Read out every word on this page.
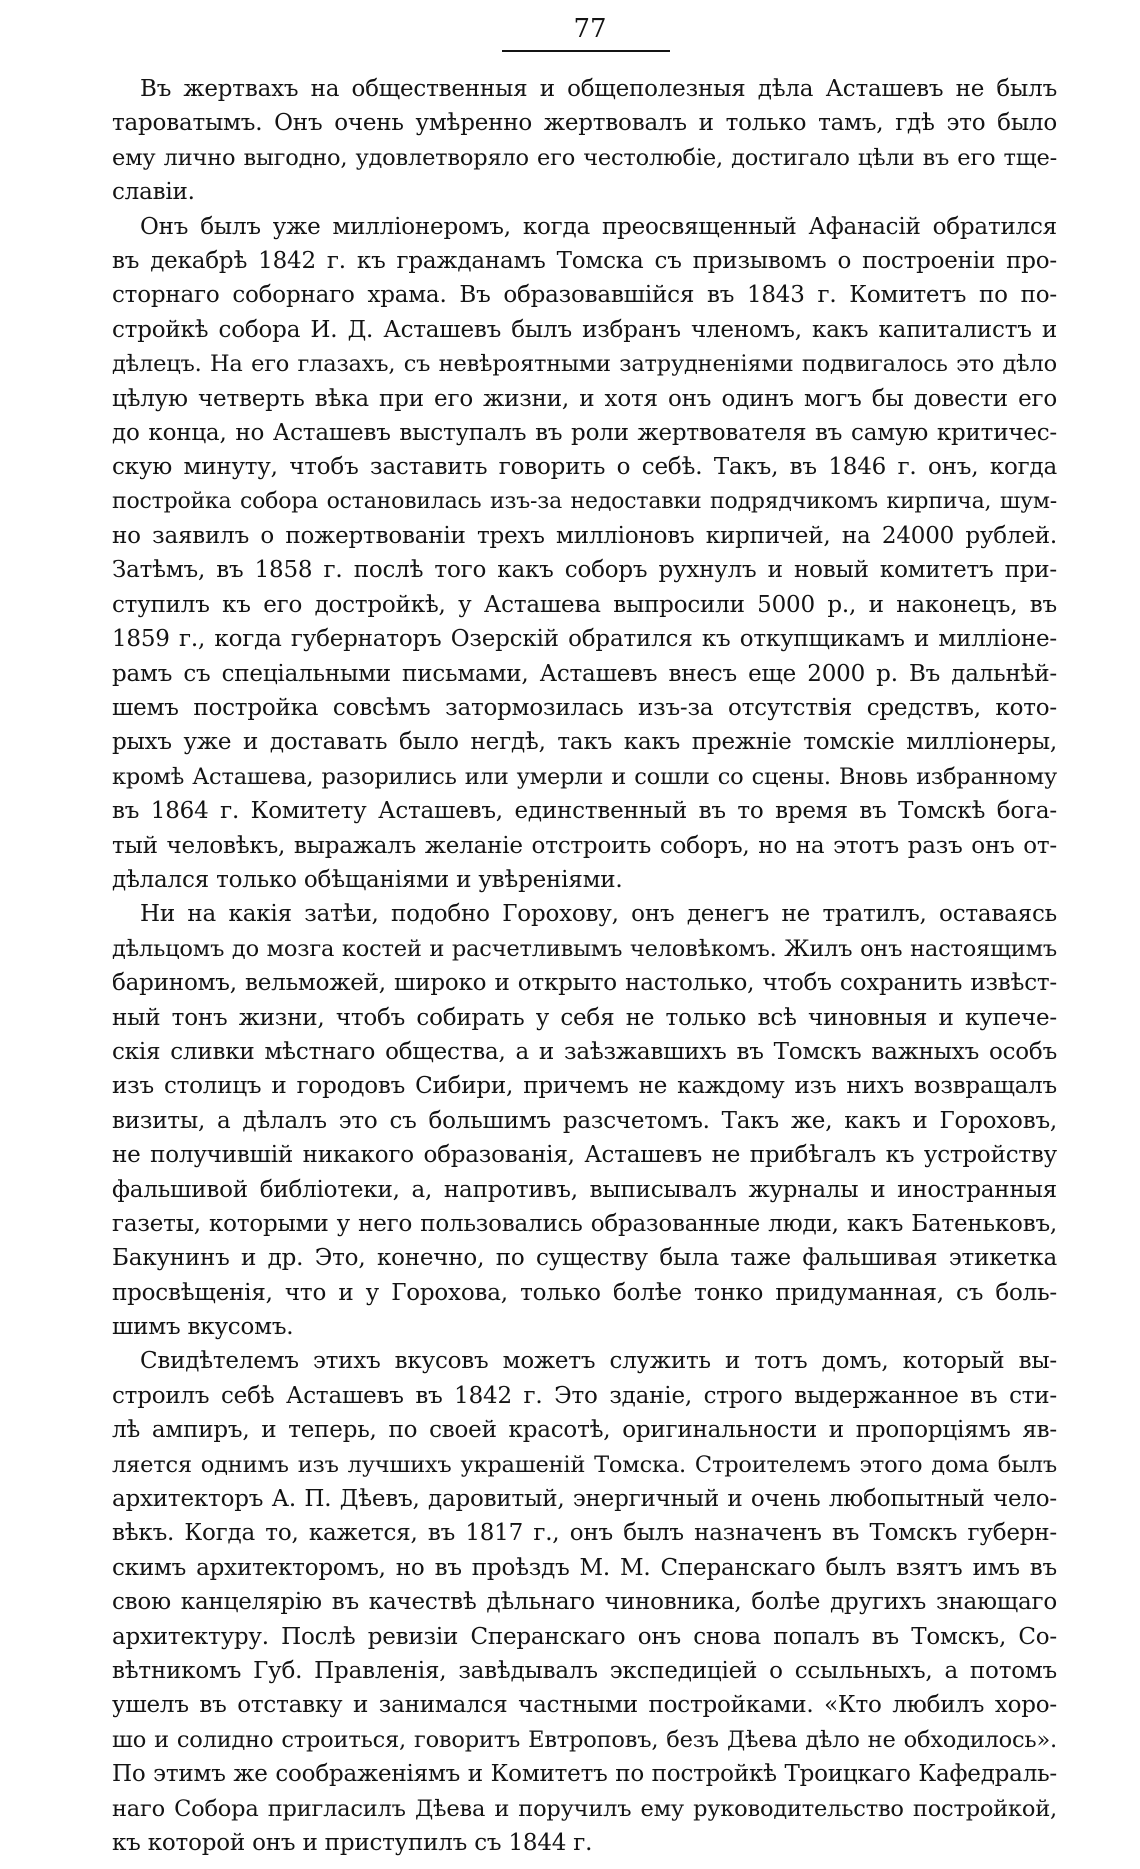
77
Въ жертвахъ на общественныя и общеполезныя дѣла Асташевъ не былъ
тароватымъ. Онъ очень умѣренно жертвовалъ и только тамъ, гдѣ это было
ему лично выгодно, удовлетворяло его честолюбіе, достигало цѣли въ его тще-
славіи.
Онъ былъ уже милліонеромъ, когда преосвященный Афанасій обратился
въ декабрѣ 1842 г. къ гражданамъ Томска съ призывомъ о построеніи про-
сторнаго соборнаго храма. Въ образовавшійся въ 1843 г. Комитетъ по по-
стройкѣ собора И. Д. Асташевъ былъ избранъ членомъ, какъ капиталистъ и
дѣлецъ. На его глазахъ, съ невѣроятными затрудненіями подвигалось это дѣло
цѣлую четверть вѣка при его жизни, и хотя онъ одинъ могъ бы довести его
до конца, но Асташевъ выступалъ въ роли жертвователя въ самую критичес-
скую минуту, чтобъ заставить говорить о себѣ. Такъ, въ 1846 г. онъ, когда
постройка собора остановилась изъ-за недоставки подрядчикомъ кирпича, шум-
но заявилъ о пожертвованіи трехъ милліоновъ кирпичей, на 24000 рублей.
Затѣмъ, въ 1858 г. послѣ того какъ соборъ рухнулъ и новый комитетъ при-
ступилъ къ его достройкѣ, у Асташева выпросили 5000 р., и наконецъ, въ
1859 г., когда губернаторъ Озерскій обратился къ откупщикамъ и милліоне-
рамъ съ спеціальными письмами, Асташевъ внесъ еще 2000 р. Въ дальнѣй-
шемъ постройка совсѣмъ затормозилась изъ-за отсутствія средствъ, кото-
рыхъ уже и доставать было негдѣ, такъ какъ прежніе томскіе милліонеры,
кромѣ Асташева, разорились или умерли и сошли со сцены. Вновь избранному
въ 1864 г. Комитету Асташевъ, единственный въ то время въ Томскѣ бога-
тый человѣкъ, выражалъ желаніе отстроить соборъ, но на этотъ разъ онъ от-
дѣлался только обѣщаніями и увѣреніями.
Ни на какія затѣи, подобно Горохову, онъ денегъ не тратилъ, оставаясь
дѣльцомъ до мозга костей и расчетливымъ человѣкомъ. Жилъ онъ настоящимъ
бариномъ, вельможей, широко и открыто настолько, чтобъ сохранить извѣст-
ный тонъ жизни, чтобъ собирать у себя не только всѣ чиновныя и купече-
скія сливки мѣстнаго общества, а и заѣзжавшихъ въ Томскъ важныхъ особъ
изъ столицъ и городовъ Сибири, причемъ не каждому изъ нихъ возвращалъ
визиты, а дѣлалъ это съ большимъ разсчетомъ. Такъ же, какъ и Гороховъ,
не получившій никакого образованія, Асташевъ не прибѣгалъ къ устройству
фальшивой библіотеки, а, напротивъ, выписывалъ журналы и иностранныя
газеты, которыми у него пользовались образованные люди, какъ Батеньковъ,
Бакунинъ и др. Это, конечно, по существу была таже фальшивая этикетка
просвѣщенія, что и у Горохова, только болѣе тонко придуманная, съ боль-
шимъ вкусомъ.
Свидѣтелемъ этихъ вкусовъ можетъ служить и тотъ домъ, который вы-
строилъ себѣ Асташевъ въ 1842 г. Это зданіе, строго выдержанное въ сти-
лѣ ампиръ, и теперь, по своей красотѣ, оригинальности и пропорціямъ яв-
ляется однимъ изъ лучшихъ украшеній Томска. Строителемъ этого дома былъ
архитекторъ А. П. Дѣевъ, даровитый, энергичный и очень любопытный чело-
вѣкъ. Когда то, кажется, въ 1817 г., онъ былъ назначенъ въ Томскъ губерн-
скимъ архитекторомъ, но въ проѣздъ М. М. Сперанскаго былъ взятъ имъ въ
свою канцелярію въ качествѣ дѣльнаго чиновника, болѣе другихъ знающаго
архитектуру. Послѣ ревизіи Сперанскаго онъ снова попалъ въ Томскъ, Со-
вѣтникомъ Губ. Правленія, завѣдывалъ экспедиціей о ссыльныхъ, а потомъ
ушелъ въ отставку и занимался частными постройками. «Кто любилъ хоро-
шо и солидно строиться, говоритъ Евтроповъ, безъ Дѣева дѣло не обходилось».
По этимъ же соображеніямъ и Комитетъ по постройкѣ Троицкаго Кафедраль-
наго Собора пригласилъ Дѣева и поручилъ ему руководительство постройкой,
къ которой онъ и приступилъ съ 1844 г.
